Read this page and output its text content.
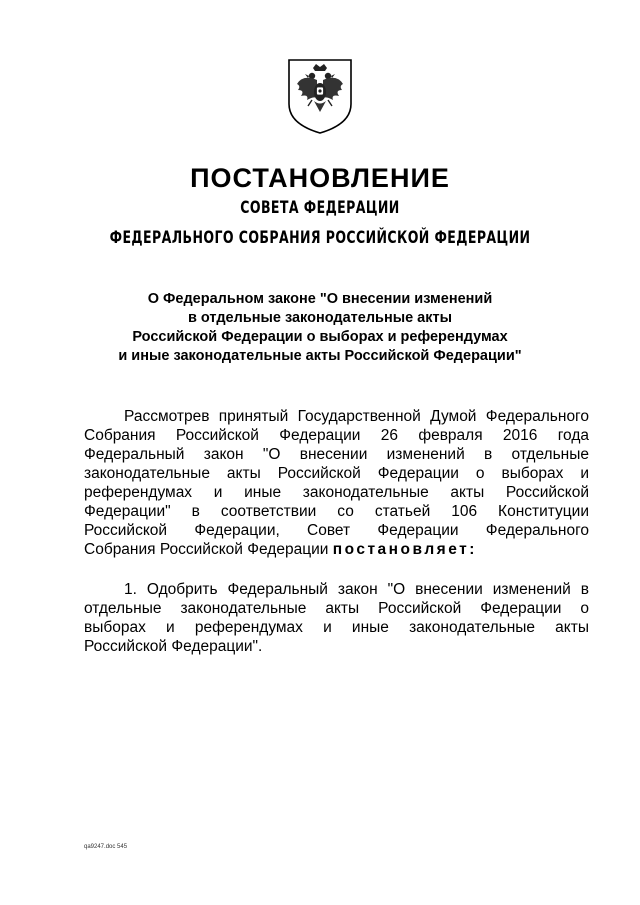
ПОСТАНОВЛЕНИЕ
СОВЕТА ФЕДЕРАЦИИ
ФЕДЕРАЛЬНОГО СОБРАНИЯ РОССИЙСКОЙ ФЕДЕРАЦИИ
О Федеральном законе "О внесении изменений
в отдельные законодательные акты
Российской Федерации о выборах и референдумах
и иные законодательные акты Российской Федерации"
Рассмотрев принятый Государственной Думой Федерального
Собрания Российской Федерации 26 февраля 2016 года
Федеральный закон "О внесении изменений в отдельные
законодательные акты Российской Федерации о выборах и
референдумах и иные законодательные акты Российской
Федерации" в соответствии со статьей 106 Конституции
Российской Федерации, Совет Федерации Федерального
Собрания Российской Федерации постановляет:
1. Одобрить Федеральный закон "О внесении изменений в
отдельные законодательные акты Российской Федерации о
выборах и референдумах и иные законодательные акты
Российской Федерации".
qa9247.doc 545
